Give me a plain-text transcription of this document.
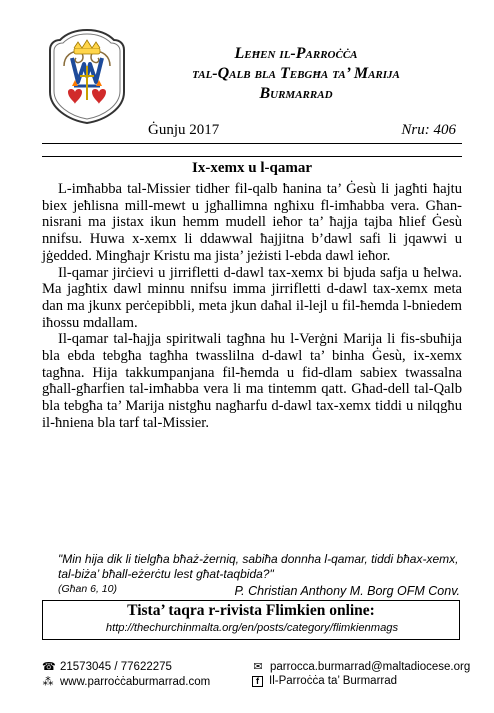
Leħen il-Parroċċa
tal-Qalb bla Tebgħa ta’ Marija
Burmarrad
Ġunju 2017	Nru: 406
Ix-xemx u l-qamar

L-imħabba tal-Missier tidher fil-qalb ħanina ta’ Ġesù li jagħti ħajtu biex jeħlisna mill-mewt u jgħallimna ngħixu fl-imħabba vera. Għan-nisrani ma jistax ikun hemm mudell ieħor ta’ ħajja tajba ħlief Ġesù nnifsu. Huwa x-xemx li ddawwal ħajjitna b’dawl safi li jqawwi u jġedded. Mingħajr Kristu ma jista’ jeżisti l-ebda dawl ieħor.

Il-qamar jirċievi u jirrifletti d-dawl tax-xemx bi bjuda safja u ħelwa. Ma jagħtix dawl minnu nnifsu imma jirrifletti d-dawl tax-xemx meta dan ma jkunx perċepibbli, meta jkun daħal il-lejl u fil-ħemda l-bniedem iħossu mdallam.

Il-qamar tal-ħajja spiritwali tagħna hu l-Verġni Marija li fis-sbuħija bla ebda tebgħa tagħha twasslilna d-dawl ta’ binha Ġesù, ix-xemx tagħna. Hija takkumpanjana fil-ħemda u fid-dlam sabiex twassalna għall-għarfien tal-imħabba vera li ma tintemm qatt. Għad-dell tal-Qalb bla tebgħa ta’ Marija nistgħu nagħarfu d-dawl tax-xemx tiddi u nilqgħu il-ħniena bla tarf tal-Missier.

"Min hija dik li tielgħa bħaż-żerniq, sabiħa donnha l-qamar, tiddi bħax-xemx, tal-biża’ bħall-eżerċtu lest għat-taqbida?"
(Għan 6, 10)	P. Christian Anthony M. Borg OFM Conv.
Tista’ taqra r-rivista Flimkien online:
http://thechurchinmalta.org/en/posts/category/flimkienmags
☎ 21573045 / 77622275	✉ parrocca.burmarrad@maltadiocese.org
⁂ www.parroċċaburmarrad.com	f Il-Parroċċa ta’ Burmarrad
